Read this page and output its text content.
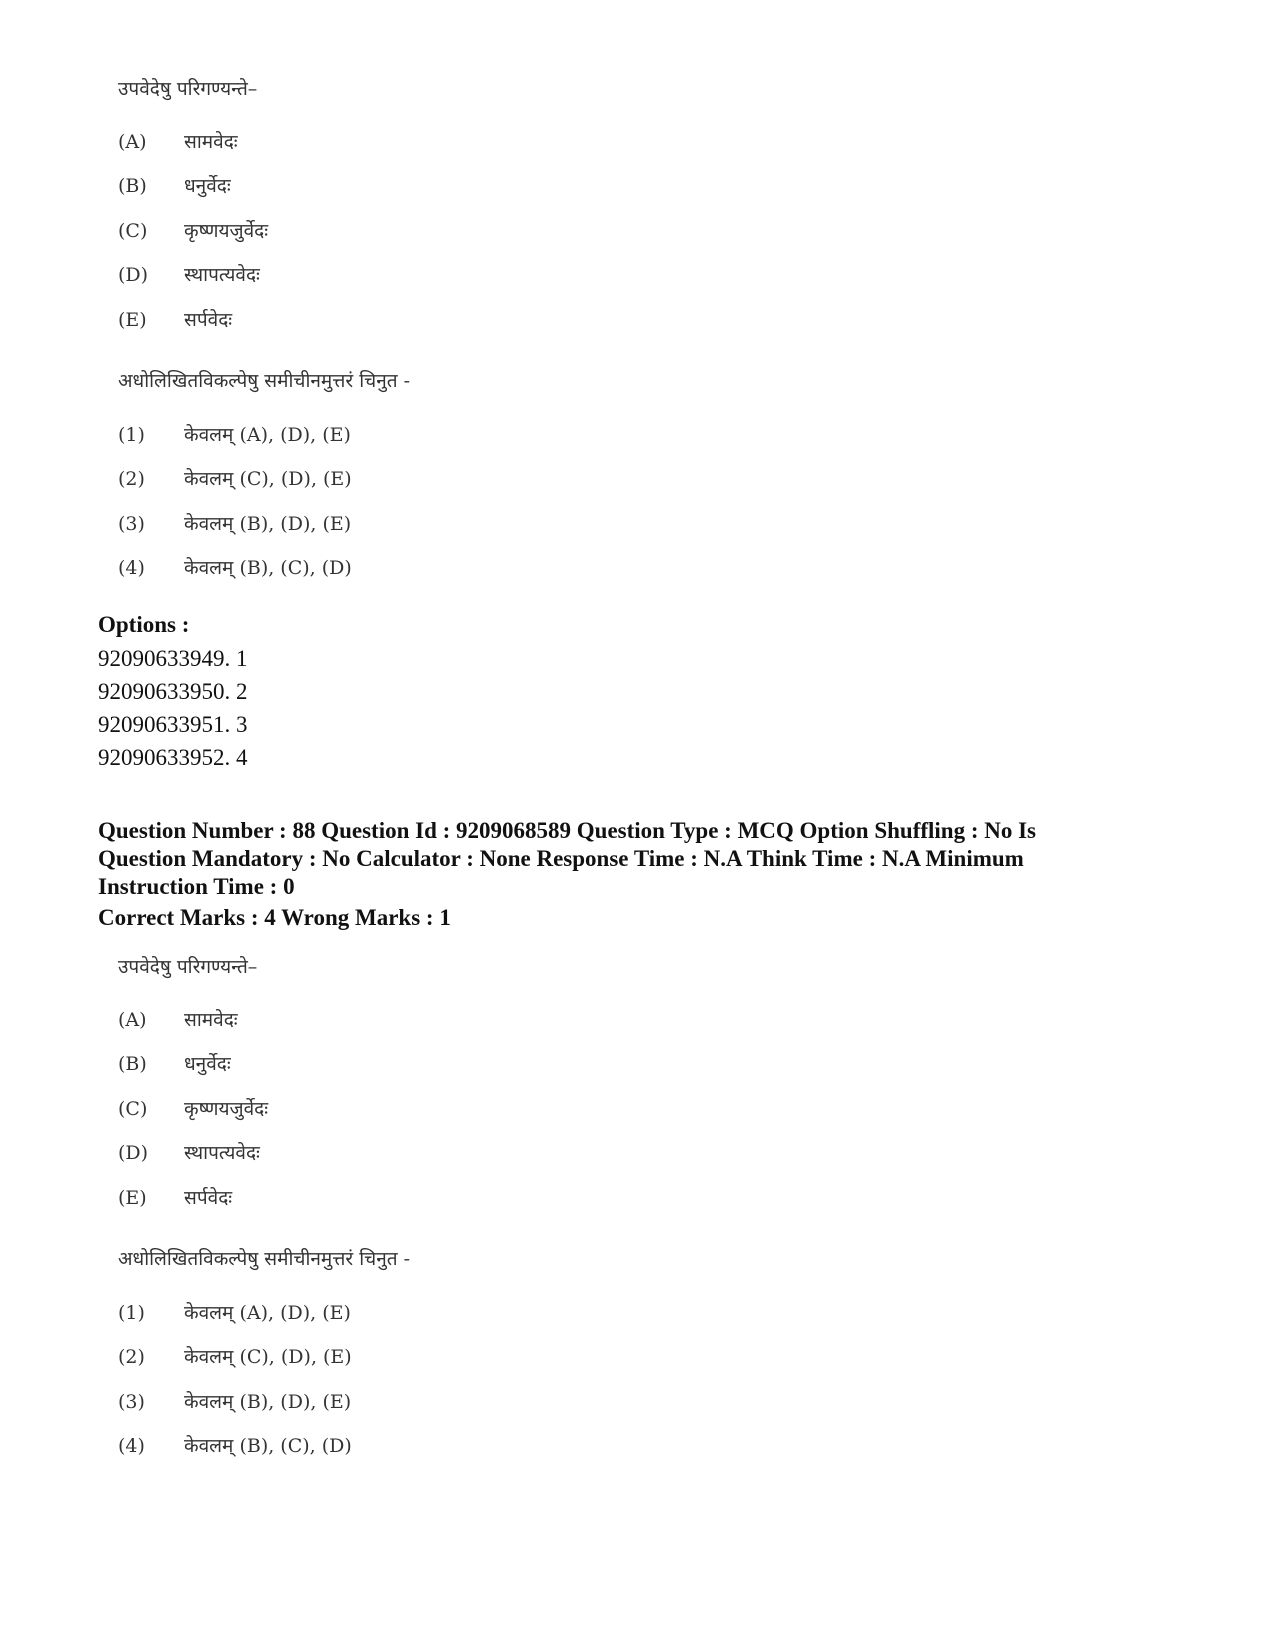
उपवेदेषु परिगण्यन्ते–
(A) सामवेदः
(B) धनुर्वेदः
(C) कृष्णयजुर्वेदः
(D) स्थापत्यवेदः
(E) सर्पवेदः
अधोलिखितविकल्पेषु समीचीनमुत्तरं चिनुत -
(1) केवलम् (A), (D), (E)
(2) केवलम् (C), (D), (E)
(3) केवलम् (B), (D), (E)
(4) केवलम् (B), (C), (D)
Options :
92090633949. 1
92090633950. 2
92090633951. 3
92090633952. 4
Question Number : 88 Question Id : 9209068589 Question Type : MCQ Option Shuffling : No Is
Question Mandatory : No Calculator : None Response Time : N.A Think Time : N.A Minimum
Instruction Time : 0
Correct Marks : 4 Wrong Marks : 1
उपवेदेषु परिगण्यन्ते–
(A) सामवेदः
(B) धनुर्वेदः
(C) कृष्णयजुर्वेदः
(D) स्थापत्यवेदः
(E) सर्पवेदः
अधोलिखितविकल्पेषु समीचीनमुत्तरं चिनुत -
(1) केवलम् (A), (D), (E)
(2) केवलम् (C), (D), (E)
(3) केवलम् (B), (D), (E)
(4) केवलम् (B), (C), (D)
